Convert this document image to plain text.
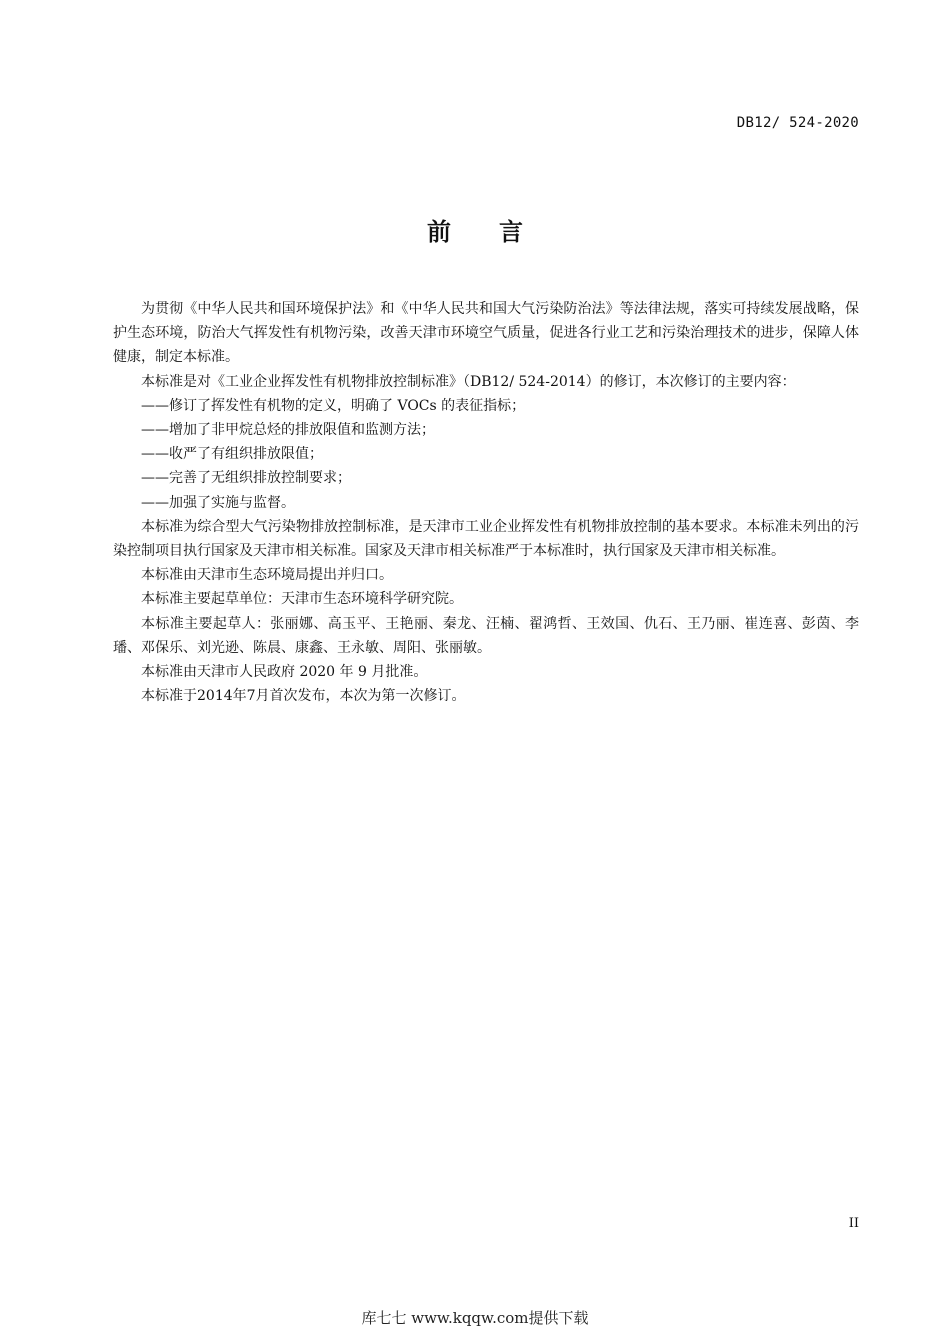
DB12/ 524-2020
前言

为贯彻《中华人民共和国环境保护法》和《中华人民共和国大气污染防治法》等法律法规，落实可持续发展战略，保护生态环境，防治大气挥发性有机物污染，改善天津市环境空气质量，促进各行业工艺和污染治理技术的进步，保障人体健康，制定本标准。

本标准是对《工业企业挥发性有机物排放控制标准》（DB12/ 524-2014）的修订，本次修订的主要内容：

——修订了挥发性有机物的定义，明确了 VOCs 的表征指标；

——增加了非甲烷总烃的排放限值和监测方法；

——收严了有组织排放限值；

——完善了无组织排放控制要求；

——加强了实施与监督。

本标准为综合型大气污染物排放控制标准，是天津市工业企业挥发性有机物排放控制的基本要求。本标准未列出的污染控制项目执行国家及天津市相关标准。国家及天津市相关标准严于本标准时，执行国家及天津市相关标准。

本标准由天津市生态环境局提出并归口。

本标准主要起草单位：天津市生态环境科学研究院。

本标准主要起草人：张丽娜、高玉平、王艳丽、秦龙、汪楠、翟鸿哲、王效国、仇石、王乃丽、崔连喜、彭茵、李璠、邓保乐、刘光逊、陈晨、康鑫、王永敏、周阳、张丽敏。

本标准由天津市人民政府 2020 年 9 月批准。

本标准于2014年7月首次发布，本次为第一次修订。

II
库七七 www.kqqw.com提供下载
